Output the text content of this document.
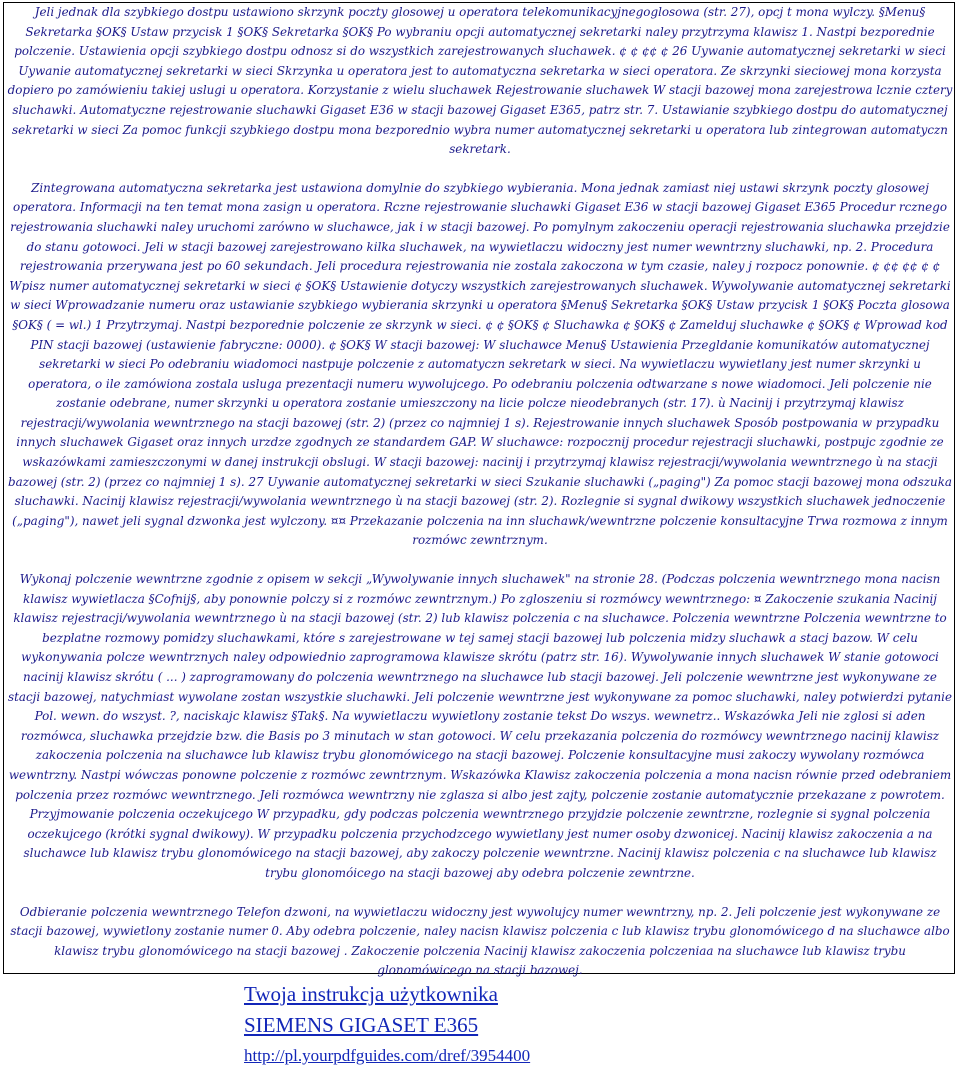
Jeli jednak dla szybkiego dostpu ustawiono skrzynk poczty glosowej u operatora telekomunikacyjnegoglosowa (str. 27), opcj t mona wylczy. §Menu§ Sekretarka §OK§ Ustaw przycisk 1 §OK§ Sekretarka §OK§ Po wybraniu opcji automatycznej sekretarki naley przytrzyma klawisz 1. Nastpi bezporednie polczenie. Ustawienia opcji szybkiego dostpu odnosz si do wszystkich zarejestrowanych sluchawek. ¢ ¢ ¢¢ ¢ 26 Uywanie automatycznej sekretarki w sieci Uywanie automatycznej sekretarki w sieci Skrzynka u operatora jest to automatyczna sekretarka w sieci operatora. Ze skrzynki sieciowej mona korzysta dopiero po zamówieniu takiej uslugi u operatora. Korzystanie z wielu sluchawek Rejestrowanie sluchawek W stacji bazowej mona zarejestrowa lcznie cztery sluchawki. Automatyczne rejestrowanie sluchawki Gigaset E36 w stacji bazowej Gigaset E365, patrz str. 7. Ustawianie szybkiego dostpu do automatycznej sekretarki w sieci Za pomoc funkcji szybkiego dostpu mona bezporednio wybra numer automatycznej sekretarki u operatora lub zintegrowan automatyczn sekretark.

Zintegrowana automatyczna sekretarka jest ustawiona domylnie do szybkiego wybierania. Mona jednak zamiast niej ustawi skrzynk poczty glosowej operatora. Informacji na ten temat mona zasign u operatora. Rczne rejestrowanie sluchawki Gigaset E36 w stacji bazowej Gigaset E365 Procedur rcznego rejestrowania sluchawki naley uruchomi zarówno w sluchawce, jak i w stacji bazowej. Po pomylnym zakoczeniu operacji rejestrowania sluchawka przejdzie do stanu gotowoci. Jeli w stacji bazowej zarejestrowano kilka sluchawek, na wywietlaczu widoczny jest numer wewntrzny sluchawki, np. 2. Procedura rejestrowania przerywana jest po 60 sekundach. Jeli procedura rejestrowania nie zostala zakoczona w tym czasie, naley j rozpocz ponownie. ¢ ¢¢ ¢¢ ¢ ¢ Wpisz numer automatycznej sekretarki w sieci ¢ §OK§ Ustawienie dotyczy wszystkich zarejestrowanych sluchawek. Wywolywanie automatycznej sekretarki w sieci Wprowadzanie numeru oraz ustawianie szybkiego wybierania skrzynki u operatora §Menu§ Sekretarka §OK§ Ustaw przycisk 1 §OK§ Poczta glosowa §OK§ ( = wl.) 1 Przytrzymaj. Nastpi bezporednie polczenie ze skrzynk w sieci. ¢ ¢ §OK§ ¢ Sluchawka ¢ §OK§ ¢ Zamelduj sluchawke ¢ §OK§ ¢ Wprowad kod PIN stacji bazowej (ustawienie fabryczne: 0000). ¢ §OK§ W stacji bazowej: W sluchawce Menu§ Ustawienia Przegldanie komunikatów automatycznej sekretarki w sieci Po odebraniu wiadomoci nastpuje polczenie z automatyczn sekretark w sieci. Na wywietlaczu wywietlany jest numer skrzynki u operatora, o ile zamówiona zostala usluga prezentacji numeru wywolujcego. Po odebraniu polczenia odtwarzane s nowe wiadomoci. Jeli polczenie nie zostanie odebrane, numer skrzynki u operatora zostanie umieszczony na licie polcze nieodebranych (str. 17). ù Nacinij i przytrzymaj klawisz rejestracji/wywolania wewntrznego na stacji bazowej (str. 2) (przez co najmniej 1 s). Rejestrowanie innych sluchawek Sposób postpowania w przypadku innych sluchawek Gigaset oraz innych urzdze zgodnych ze standardem GAP. W sluchawce: rozpocznij procedur rejestracji sluchawki, postpujc zgodnie ze wskazówkami zamieszczonymi w danej instrukcji obslugi. W stacji bazowej: nacinij i przytrzymaj klawisz rejestracji/wywolania wewntrznego ù na stacji bazowej (str. 2) (przez co najmniej 1 s). 27 Uywanie automatycznej sekretarki w sieci Szukanie sluchawki („paging") Za pomoc stacji bazowej mona odszuka sluchawki. Nacinij klawisz rejestracji/wywolania wewntrznego ù na stacji bazowej (str. 2). Rozlegnie si sygnal dwikowy wszystkich sluchawek jednoczenie („paging"), nawet jeli sygnal dzwonka jest wylczony. ¤¤ Przekazanie polczenia na inn sluchawk/wewntrzne polczenie konsultacyjne Trwa rozmowa z innym rozmówc zewntrznym.

Wykonaj polczenie wewntrzne zgodnie z opisem w sekcji „Wywolywanie innych sluchawek" na stronie 28. (Podczas polczenia wewntrznego mona nacisn klawisz wywietlacza §Cofnij§, aby ponownie polczy si z rozmówc zewntrznym.) Po zgloszeniu si rozmówcy wewntrznego: ¤ Zakoczenie szukania Nacinij klawisz rejestracji/wywolania wewntrznego ù na stacji bazowej (str. 2) lub klawisz polczenia c na sluchawce. Polczenia wewntrzne Polczenia wewntrzne to bezplatne rozmowy pomidzy sluchawkami, które s zarejestrowane w tej samej stacji bazowej lub polczenia midzy sluchawk a stacj bazow. W celu wykonywania polcze wewntrznych naley odpowiednio zaprogramowa klawisze skrótu (patrz str. 16). Wywolywanie innych sluchawek W stanie gotowoci nacinij klawisz skrótu ( ... ) zaprogramowany do polczenia wewntrznego na sluchawce lub stacji bazowej. Jeli polczenie wewntrzne jest wykonywane ze stacji bazowej, natychmiast wywolane zostan wszystkie sluchawki. Jeli polczenie wewntrzne jest wykonywane za pomoc sluchawki, naley potwierdzi pytanie Pol. wewn. do wszyst. ?, naciskajc klawisz §Tak§. Na wywietlaczu wywietlony zostanie tekst Do wszys. wewnetrz.. Wskazówka Jeli nie zglosi si aden rozmówca, sluchawka przejdzie bzw. die Basis po 3 minutach w stan gotowoci. W celu przekazania polczenia do rozmówcy wewntrznego nacinij klawisz zakoczenia polczenia na sluchawce lub klawisz trybu glonomówicego na stacji bazowej. Polczenie konsultacyjne musi zakoczy wywolany rozmówca wewntrzny. Nastpi wówczas ponowne polczenie z rozmówc zewntrznym. Wskazówka Klawisz zakoczenia polczenia a mona nacisn równie przed odebraniem polczenia przez rozmówc wewntrznego. Jeli rozmówca wewntrzny nie zglasza si albo jest zajty, polczenie zostanie automatycznie przekazane z powrotem. Przyjmowanie polczenia oczekujcego W przypadku, gdy podczas polczenia wewntrznego przyjdzie polczenie zewntrzne, rozlegnie si sygnal polczenia oczekujcego (krótki sygnal dwikowy). W przypadku polczenia przychodzcego wywietlany jest numer osoby dzwonicej. Nacinij klawisz zakoczenia a na sluchawce lub klawisz trybu glonomówicego na stacji bazowej, aby zakoczy polczenie wewntrzne. Nacinij klawisz polczenia c na sluchawce lub klawisz trybu glonomóicego na stacji bazowej aby odebra polczenie zewntrzne.

Odbieranie polczenia wewntrznego Telefon dzwoni, na wywietlaczu widoczny jest wywolujcy numer wewntrzny, np. 2. Jeli polczenie jest wykonywane ze stacji bazowej, wywietlony zostanie numer 0. Aby odebra polczenie, naley nacisn klawisz polczenia c lub klawisz trybu glonomówicego d na sluchawce albo klawisz trybu glonomówicego na stacji bazowej . Zakoczenie polczenia Nacinij klawisz zakoczenia polczeniaa na sluchawce lub klawisz trybu glonomówicego na stacji bazowej.

Twoja instrukcja użytkownika
SIEMENS GIGASET E365
http://pl.yourpdfguides.com/dref/3954400
